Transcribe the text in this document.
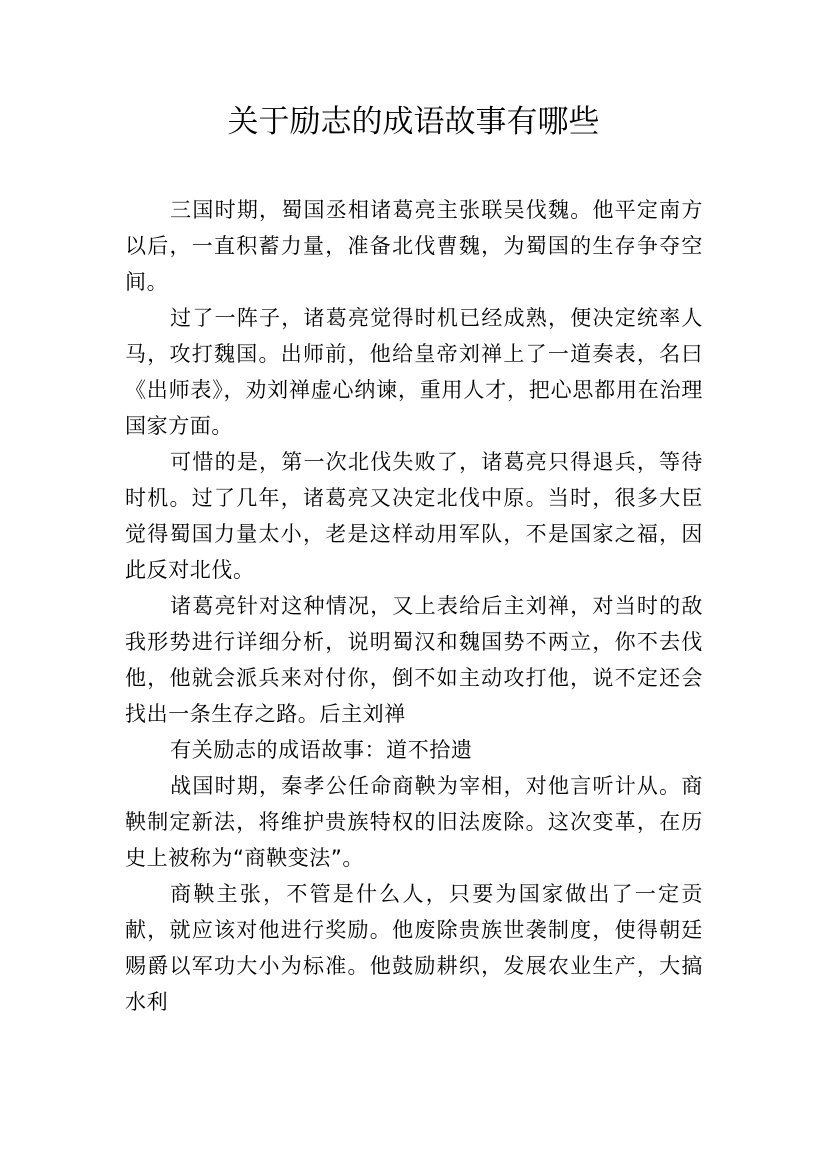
关于励志的成语故事有哪些

三国时期，蜀国丞相诸葛亮主张联吴伐魏。他平定南方以后，一直积蓄力量，准备北伐曹魏，为蜀国的生存争夺空间。

过了一阵子，诸葛亮觉得时机已经成熟，便决定统率人马，攻打魏国。出师前，他给皇帝刘禅上了一道奏表，名曰《出师表》，劝刘禅虚心纳谏，重用人才，把心思都用在治理国家方面。

可惜的是，第一次北伐失败了，诸葛亮只得退兵，等待时机。过了几年，诸葛亮又决定北伐中原。当时，很多大臣觉得蜀国力量太小，老是这样动用军队，不是国家之福，因此反对北伐。

诸葛亮针对这种情况，又上表给后主刘禅，对当时的敌我形势进行详细分析，说明蜀汉和魏国势不两立，你不去伐他，他就会派兵来对付你，倒不如主动攻打他，说不定还会找出一条生存之路。后主刘禅

有关励志的成语故事：道不拾遗

战国时期，秦孝公任命商鞅为宰相，对他言听计从。商鞅制定新法，将维护贵族特权的旧法废除。这次变革，在历史上被称为“商鞅变法”。

商鞅主张，不管是什么人，只要为国家做出了一定贡献，就应该对他进行奖励。他废除贵族世袭制度，使得朝廷赐爵以军功大小为标准。他鼓励耕织，发展农业生产，大搞水利
